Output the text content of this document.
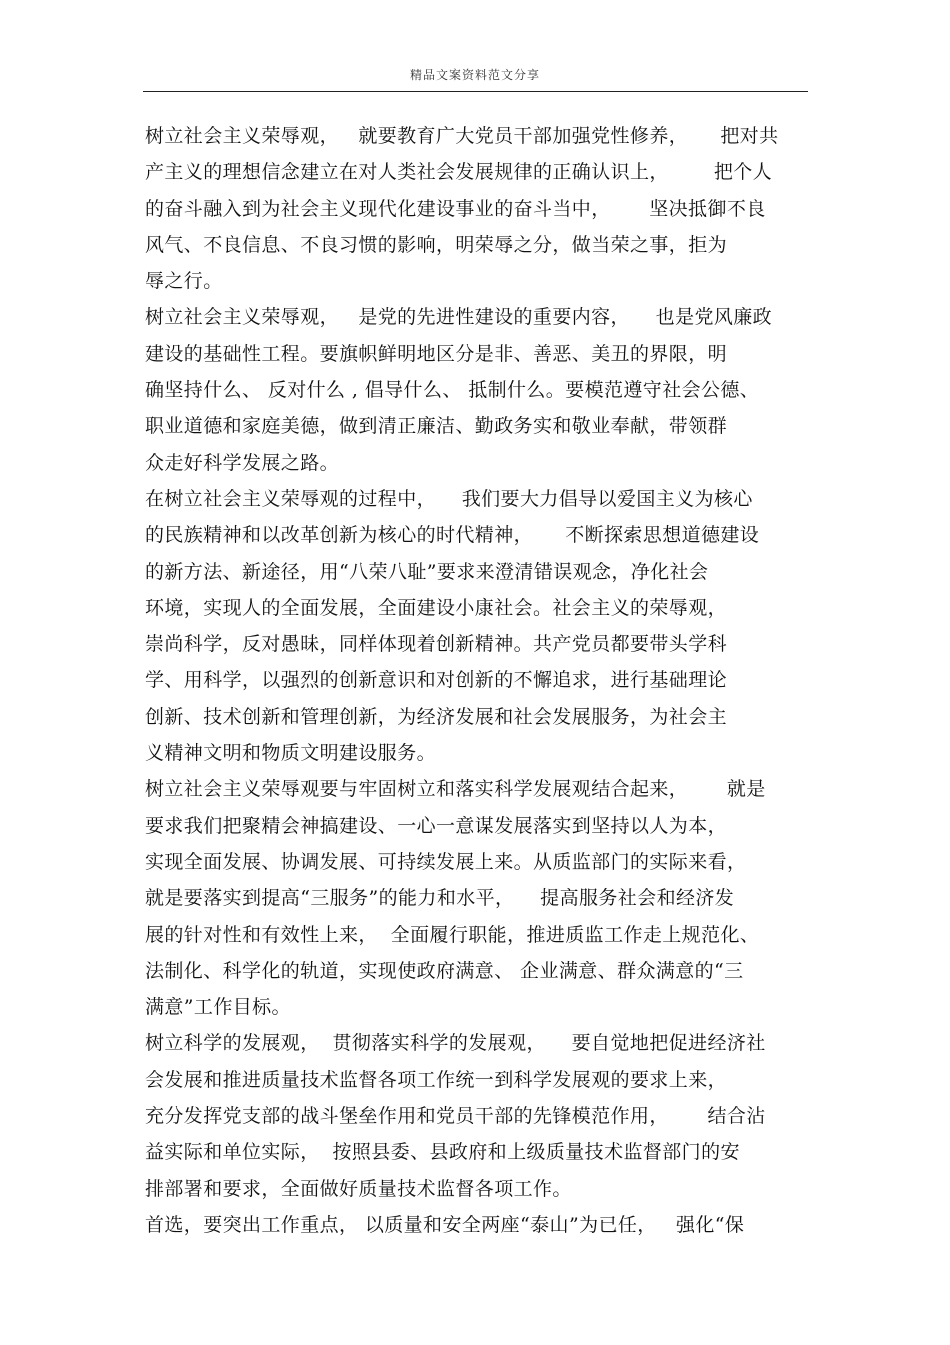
精品文案资料范文分享
树立社会主义荣辱观，   就要教育广大党员干部加强党性修养，     把对共
产主义的理想信念建立在对人类社会发展规律的正确认识上，       把个人
的奋斗融入到为社会主义现代化建设事业的奋斗当中，      坚决抵御不良
风气、不良信息、不良习惯的影响，明荣辱之分，做当荣之事，拒为
辱之行。
树立社会主义荣辱观，   是党的先进性建设的重要内容，    也是党风廉政
建设的基础性工程。要旗帜鲜明地区分是非、善恶、美丑的界限，明
确坚持什么、 反对什么 , 倡导什么、 抵制什么。要模范遵守社会公德、
职业道德和家庭美德，做到清正廉洁、勤政务实和敬业奉献，带领群
众走好科学发展之路。
在树立社会主义荣辱观的过程中，    我们要大力倡导以爱国主义为核心
的民族精神和以改革创新为核心的时代精神，     不断探索思想道德建设
的新方法、新途径，用“八荣八耻”要求来澄清错误观念，净化社会
环境，实现人的全面发展，全面建设小康社会。社会主义的荣辱观，
崇尚科学，反对愚昧，同样体现着创新精神。共产党员都要带头学科
学、用科学，以强烈的创新意识和对创新的不懈追求，进行基础理论
创新、技术创新和管理创新，为经济发展和社会发展服务，为社会主
义精神文明和物质文明建设服务。
树立社会主义荣辱观要与牢固树立和落实科学发展观结合起来，      就是
要求我们把聚精会神搞建设、一心一意谋发展落实到坚持以人为本，
实现全面发展、协调发展、可持续发展上来。从质监部门的实际来看，
就是要落实到提高“三服务”的能力和水平，    提高服务社会和经济发
展的针对性和有效性上来，  全面履行职能，推进质监工作走上规范化、
法制化、科学化的轨道，实现使政府满意、 企业满意、群众满意的“三
满意”工作目标。
树立科学的发展观，  贯彻落实科学的发展观，    要自觉地把促进经济社
会发展和推进质量技术监督各项工作统一到科学发展观的要求上来，
充分发挥党支部的战斗堡垒作用和党员干部的先锋模范作用，      结合沾
益实际和单位实际，  按照县委、县政府和上级质量技术监督部门的安
排部署和要求，全面做好质量技术监督各项工作。
首选，要突出工作重点， 以质量和安全两座“泰山”为已任，   强化“保
